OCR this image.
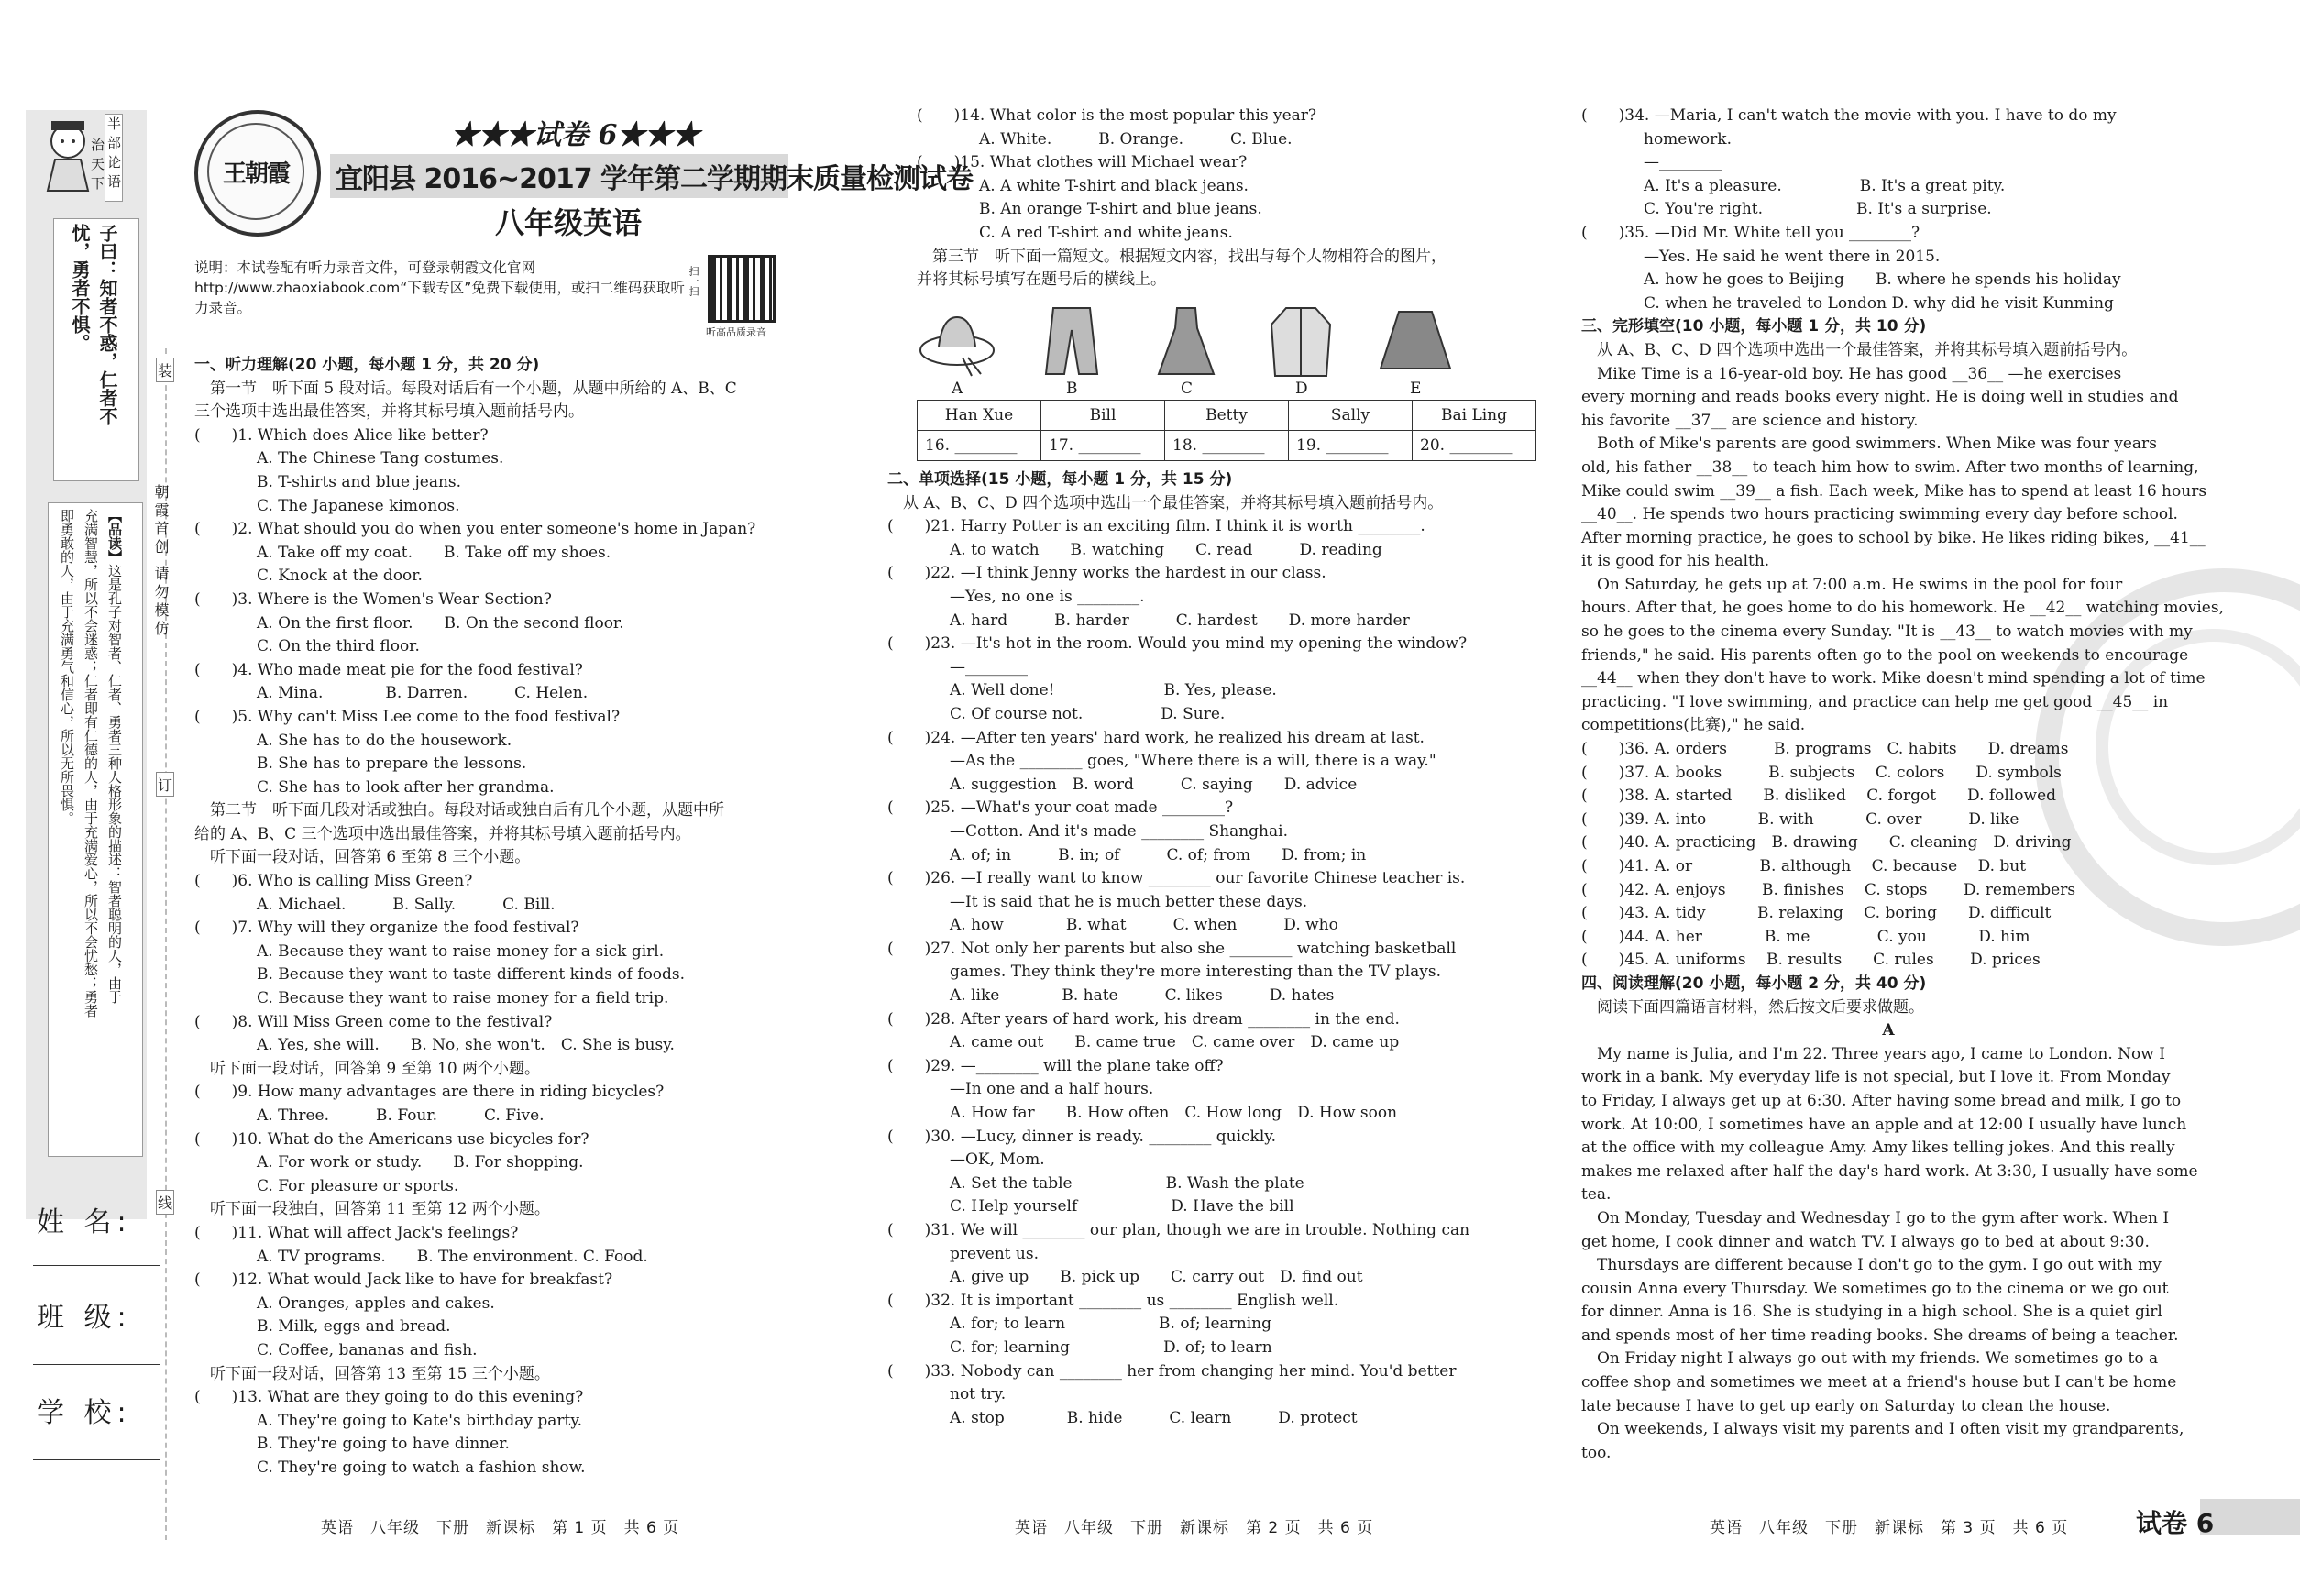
半部论语
治天下
子曰：知者不惑，仁者不
忧，勇者不惧。
【品读】这是孔子对智者、仁者、勇者三种人格形象的描述：智者聪明的人，由于
充满智慧，所以不会迷惑；仁者即有仁德的人，由于充满爱心，所以不会忧愁；勇者
即勇敢的人，由于充满勇气和信心，所以无所畏惧。
装
订
线
朝霞首创 请勿模仿
姓 名:
班 级:
学 校:
王朝霞
★★★试卷 6★★★
宜阳县 2016~2017 学年第二学期期末质量检测试卷
八年级英语
说明：本试卷配有听力录音文件，可登录朝霞文化官网 http://www.zhaoxiabook.com“下载专区”免费下载使用，或扫二维码获取听力录音。
扫一扫
听高品质录音

一、听力理解(20 小题，每小题 1 分，共 20 分)

　第一节　听下面 5 段对话。每段对话后有一个小题，从题中所给的 A、B、C

三个选项中选出最佳答案，并将其标号填入题前括号内。

(　　)1. Which does Alice like better?

　　　　A. The Chinese Tang costumes.

　　　　B. T-shirts and blue jeans.

　　　　C. The Japanese kimonos.

(　　)2. What should you do when you enter someone's home in Japan?

　　　　A. Take off my coat.　　B. Take off my shoes.

　　　　C. Knock at the door.

(　　)3. Where is the Women's Wear Section?

　　　　A. On the first floor.　　B. On the second floor.

　　　　C. On the third floor.

(　　)4. Who made meat pie for the food festival?

　　　　A. Mina.　　　　B. Darren.　　　C. Helen.

(　　)5. Why can't Miss Lee come to the food festival?

　　　　A. She has to do the housework.

　　　　B. She has to prepare the lessons.

　　　　C. She has to look after her grandma.

　第二节　听下面几段对话或独白。每段对话或独白后有几个小题，从题中所

给的 A、B、C 三个选项中选出最佳答案，并将其标号填入题前括号内。

　听下面一段对话，回答第 6 至第 8 三个小题。

(　　)6. Who is calling Miss Green?

　　　　A. Michael.　　　B. Sally.　　　C. Bill.

(　　)7. Why will they organize the food festival?

　　　　A. Because they want to raise money for a sick girl.

　　　　B. Because they want to taste different kinds of foods.

　　　　C. Because they want to raise money for a field trip.

(　　)8. Will Miss Green come to the festival?

　　　　A. Yes, she will.　　B. No, she won't.　C. She is busy.

　听下面一段对话，回答第 9 至第 10 两个小题。

(　　)9. How many advantages are there in riding bicycles?

　　　　A. Three.　　　B. Four.　　　C. Five.

(　　)10. What do the Americans use bicycles for?

　　　　A. For work or study.　　B. For shopping.

　　　　C. For pleasure or sports.

　听下面一段独白，回答第 11 至第 12 两个小题。

(　　)11. What will affect Jack's feelings?

　　　　A. TV programs.　　B. The environment. C. Food.

(　　)12. What would Jack like to have for breakfast?

　　　　A. Oranges, apples and cakes.

　　　　B. Milk, eggs and bread.

　　　　C. Coffee, bananas and fish.

　听下面一段对话，回答第 13 至第 15 三个小题。

(　　)13. What are they going to do this evening?

　　　　A. They're going to Kate's birthday party.

　　　　B. They're going to have dinner.

　　　　C. They're going to watch a fashion show.

(　　)14. What color is the most popular this year?

　　　　A. White.　　　B. Orange.　　　C. Blue.

(　　)15. What clothes will Michael wear?

　　　　A. A white T-shirt and black jeans.

　　　　B. An orange T-shirt and blue jeans.

　　　　C. A red T-shirt and white jeans.

　第三节　听下面一篇短文。根据短文内容，找出与每个人物相符合的图片，

并将其标号填写在题号后的横线上。

A	B	C	D	E
Han Xue	Bill	Betty	Sally	Bai Ling
16. ________	17. ________	18. ________	19. ________	20. ________

二、单项选择(15 小题，每小题 1 分，共 15 分)

　从 A、B、C、D 四个选项中选出一个最佳答案，并将其标号填入题前括号内。

(　　)21. Harry Potter is an exciting film. I think it is worth ________.

　　　　A. to watch　　B. watching　　C. read　　　D. reading

(　　)22. —I think Jenny works the hardest in our class.

　　　　—Yes, no one is ________.

　　　　A. hard　　　B. harder　　　C. hardest　　D. more harder

(　　)23. —It's hot in the room. Would you mind my opening the window?

　　　　—________

　　　　A. Well done!　　　　　　　B. Yes, please.

　　　　C. Of course not.　　　　　D. Sure.

(　　)24. —After ten years' hard work, he realized his dream at last.

　　　　—As the ________ goes, "Where there is a will, there is a way."

　　　　A. suggestion　B. word　　　C. saying　　D. advice

(　　)25. —What's your coat made ________?

　　　　—Cotton. And it's made ________ Shanghai.

　　　　A. of; in　　　B. in; of　　　C. of; from　　D. from; in

(　　)26. —I really want to know ________ our favorite Chinese teacher is.

　　　　—It is said that he is much better these days.

　　　　A. how　　　　B. what　　　C. when　　　D. who

(　　)27. Not only her parents but also she ________ watching basketball

　　　　games. They think they're more interesting than the TV plays.

　　　　A. like　　　　B. hate　　　C. likes　　　D. hates

(　　)28. After years of hard work, his dream ________ in the end.

　　　　A. came out　　B. came true　C. came over　D. came up

(　　)29. —________ will the plane take off?

　　　　—In one and a half hours.

　　　　A. How far　　B. How often　C. How long　D. How soon

(　　)30. —Lucy, dinner is ready. ________ quickly.

　　　　—OK, Mom.

　　　　A. Set the table　　　　　　B. Wash the plate

　　　　C. Help yourself　　　　　　D. Have the bill

(　　)31. We will ________ our plan, though we are in trouble. Nothing can

　　　　prevent us.

　　　　A. give up　　B. pick up　　C. carry out　D. find out

(　　)32. It is important ________ us ________ English well.

　　　　A. for; to learn　　　　　　B. of; learning

　　　　C. for; learning　　　　　　D. of; to learn

(　　)33. Nobody can ________ her from changing her mind. You'd better

　　　　not try.

　　　　A. stop　　　　B. hide　　　C. learn　　　D. protect

(　　)34. —Maria, I can't watch the movie with you. I have to do my

　　　　homework.

　　　　—________

　　　　A. It's a pleasure.　　　　　B. It's a great pity.

　　　　C. You're right.　　　　　　B. It's a surprise.

(　　)35. —Did Mr. White tell you ________?

　　　　—Yes. He said he went there in 2015.

　　　　A. how he goes to Beijing　　B. where he spends his holiday

　　　　C. when he traveled to London D. why did he visit Kunming

三、完形填空(10 小题，每小题 1 分，共 10 分)

　从 A、B、C、D 四个选项中选出一个最佳答案，并将其标号填入题前括号内。

　Mike Time is a 16-year-old boy. He has good __36__ —he exercises

every morning and reads books every night. He is doing well in studies and

his favorite __37__ are science and history.

　Both of Mike's parents are good swimmers. When Mike was four years

old, his father __38__ to teach him how to swim. After two months of learning,

Mike could swim __39__ a fish. Each week, Mike has to spend at least 16 hours

__40__. He spends two hours practicing swimming every day before school.

After morning practice, he goes to school by bike. He likes riding bikes, __41__

it is good for his health.

　On Saturday, he gets up at 7:00 a.m. He swims in the pool for four

hours. After that, he goes home to do his homework. He __42__ watching movies,

so he goes to the cinema every Sunday. "It is __43__ to watch movies with my

friends," he said. His parents often go to the pool on weekends to encourage

__44__ when they don't have to work. Mike doesn't mind spending a lot of time

practicing. "I love swimming, and practice can help me get good __45__ in

competitions(比赛)," he said.

(　　)36. A. orders　　　B. programs　C. habits　　D. dreams

(　　)37. A. books　　　B. subjects　 C. colors　　D. symbols

(　　)38. A. started　　B. disliked　 C. forgot　　D. followed

(　　)39. A. into　　　 B. with　　　 C. over　　　D. like

(　　)40. A. practicing　B. drawing　　C. cleaning　D. driving

(　　)41. A. or　　　　 B. although　 C. because　 D. but

(　　)42. A. enjoys　　 B. finishes　 C. stops　　 D. remembers

(　　)43. A. tidy　　　 B. relaxing　 C. boring　　D. difficult

(　　)44. A. her　　　　B. me　　　　 C. you　　　 D. him

(　　)45. A. uniforms　 B. results　　C. rules　　 D. prices

四、阅读理解(20 小题，每小题 2 分，共 40 分)

　阅读下面四篇语言材料，然后按文后要求做题。

A

　My name is Julia, and I'm 22. Three years ago, I came to London. Now I

work in a bank. My everyday life is not special, but I love it. From Monday

to Friday, I always get up at 6:30. After having some bread and milk, I go to

work. At 10:00, I sometimes have an apple and at 12:00 I usually have lunch

at the office with my colleague Amy. Amy likes telling jokes. And this really

makes me relaxed after half the day's hard work. At 3:30, I usually have some

tea.

　On Monday, Tuesday and Wednesday I go to the gym after work. When I

get home, I cook dinner and watch TV. I always go to bed at about 9:30.

　Thursdays are different because I don't go to the gym. I go out with my

cousin Anna every Thursday. We sometimes go to the cinema or we go out

for dinner. Anna is 16. She is studying in a high school. She is a quiet girl

and spends most of her time reading books. She dreams of being a teacher.

　On Friday night I always go out with my friends. We sometimes go to a

coffee shop and sometimes we meet at a friend's house but I can't be home

late because I have to get up early on Saturday to clean the house.

　On weekends, I always visit my parents and I often visit my grandparents,

too.

英语　八年级　下册　新课标　第 1 页　共 6 页	英语　八年级　下册　新课标　第 2 页　共 6 页	英语　八年级　下册　新课标　第 3 页　共 6 页	试卷 6
